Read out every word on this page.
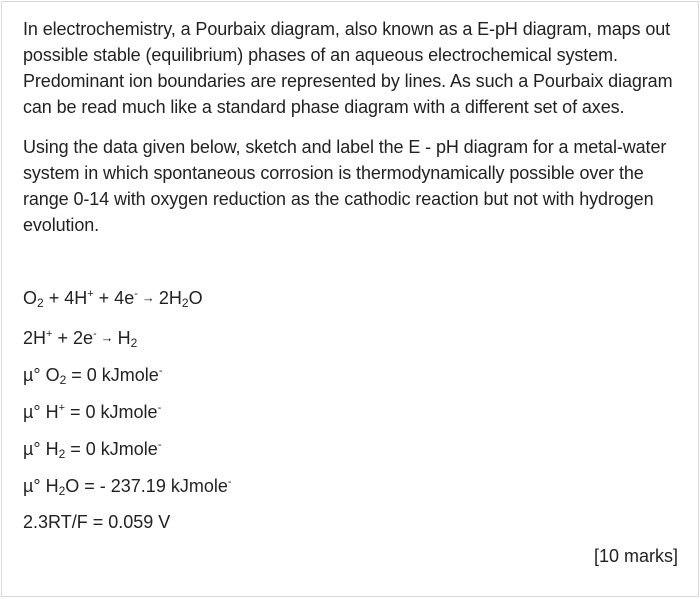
In electrochemistry, a Pourbaix diagram, also known as a E-pH diagram, maps out possible stable (equilibrium) phases of an aqueous electrochemical system. Predominant ion boundaries are represented by lines. As such a Pourbaix diagram can be read much like a standard phase diagram with a different set of axes.

Using the data given below, sketch and label the E - pH diagram for a metal-water system in which spontaneous corrosion is thermodynamically possible over the range 0-14 with oxygen reduction as the cathodic reaction but not with hydrogen evolution.

$O_2 + 4H^+ + 4e^- \to 2H_2O$
$2H^+ + 2e^- \to H_2$
µ° $O_2 = 0$ kJmole-
µ° H+ = 0 kJmole-
µ° $H_2 = 0$ kJmole-
µ° $H_2O$ = - 237.19 kJmole-
2.3RT/F = 0.059 V
[10 marks]
